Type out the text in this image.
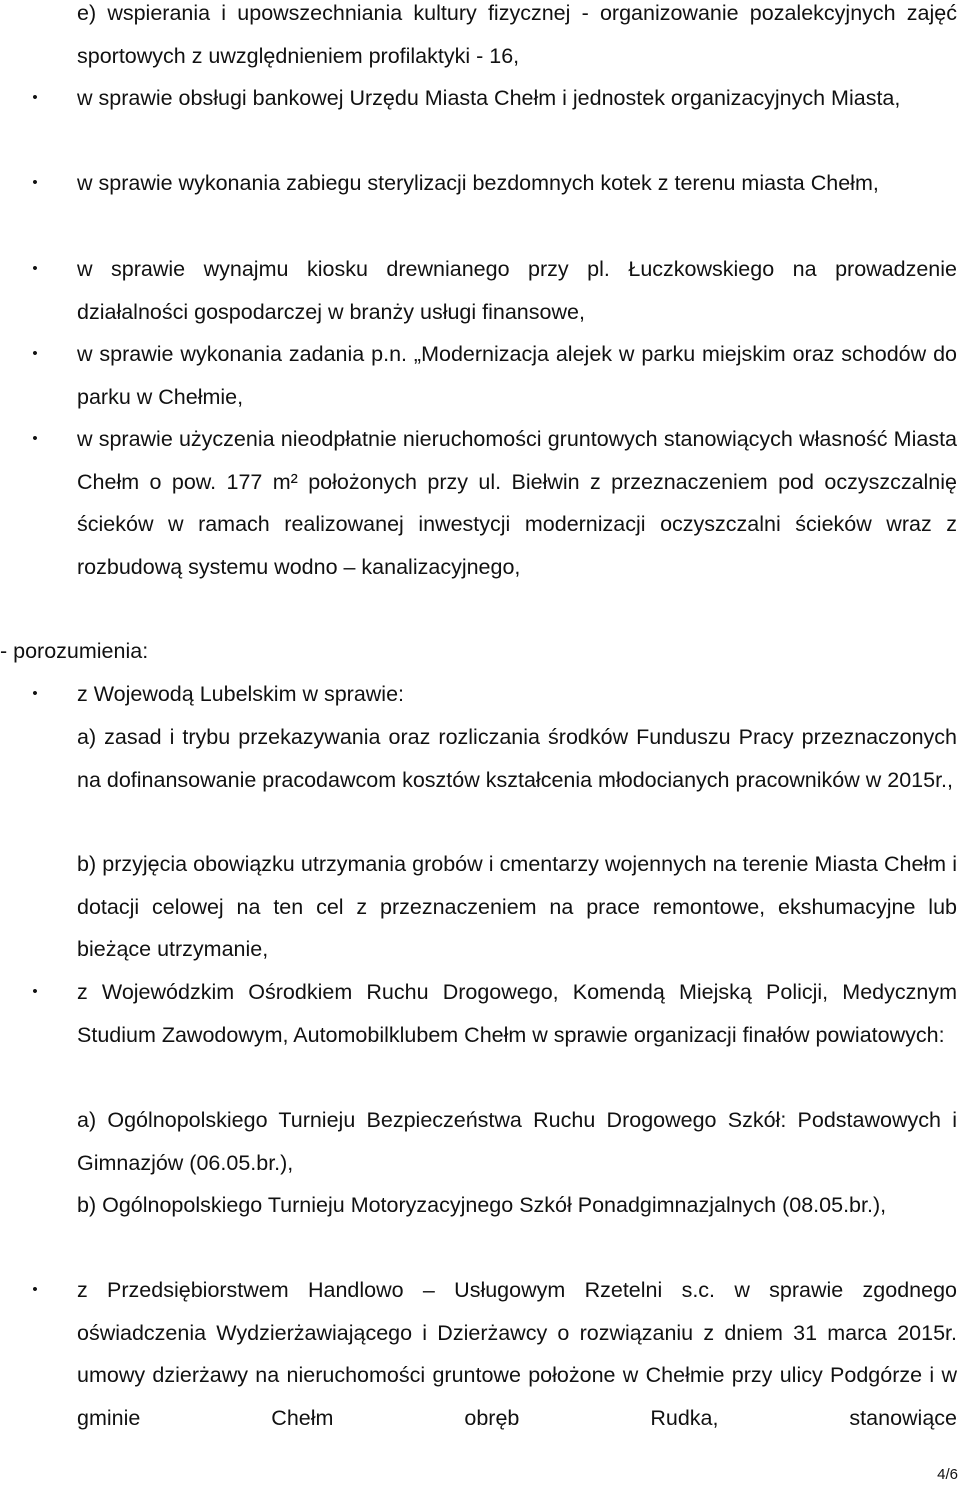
e) wspierania i upowszechniania kultury fizycznej - organizowanie pozalekcyjnych zajęć sportowych z uwzględnieniem profilaktyki - 16,

• w sprawie obsługi bankowej Urzędu Miasta Chełm i jednostek organizacyjnych Miasta,

• w sprawie wykonania zabiegu sterylizacji bezdomnych kotek z terenu miasta Chełm,

• w sprawie wynajmu kiosku drewnianego przy pl. Łuczkowskiego na prowadzenie działalności gospodarczej w branży usługi finansowe,

• w sprawie wykonania zadania p.n. „Modernizacja alejek w parku miejskim oraz schodów do parku w Chełmie,

• w sprawie użyczenia nieodpłatnie nieruchomości gruntowych stanowiących własność Miasta Chełm o pow. 177 m² położonych przy ul. Biełwin z przeznaczeniem pod oczyszczalnię ścieków w ramach realizowanej inwestycji modernizacji oczyszczalni ścieków wraz z rozbudową systemu wodno – kanalizacyjnego,

- porozumienia:

• z Wojewodą Lubelskim w sprawie:

a) zasad i trybu przekazywania oraz rozliczania środków Funduszu Pracy przeznaczonych na dofinansowanie pracodawcom kosztów kształcenia młodocianych pracowników w 2015r.,

b) przyjęcia obowiązku utrzymania grobów i cmentarzy wojennych na terenie Miasta Chełm i dotacji celowej na ten cel z przeznaczeniem na prace remontowe, ekshumacyjne lub bieżące utrzymanie,

• z Wojewódzkim Ośrodkiem Ruchu Drogowego, Komendą Miejską Policji, Medycznym Studium Zawodowym, Automobilklubem Chełm w sprawie organizacji finałów powiatowych:

a) Ogólnopolskiego Turnieju Bezpieczeństwa Ruchu Drogowego Szkół: Podstawowych i Gimnazjów (06.05.br.),

b) Ogólnopolskiego Turnieju Motoryzacyjnego Szkół Ponadgimnazjalnych (08.05.br.),

• z Przedsiębiorstwem Handlowo – Usługowym Rzetelni s.c. w sprawie zgodnego oświadczenia Wydzierżawiającego i Dzierżawcy o rozwiązaniu z dniem 31 marca 2015r. umowy dzierżawy na nieruchomości gruntowe położone w Chełmie przy ulicy Podgórze i w gminie Chełm obręb Rudka, stanowiące

4/6
